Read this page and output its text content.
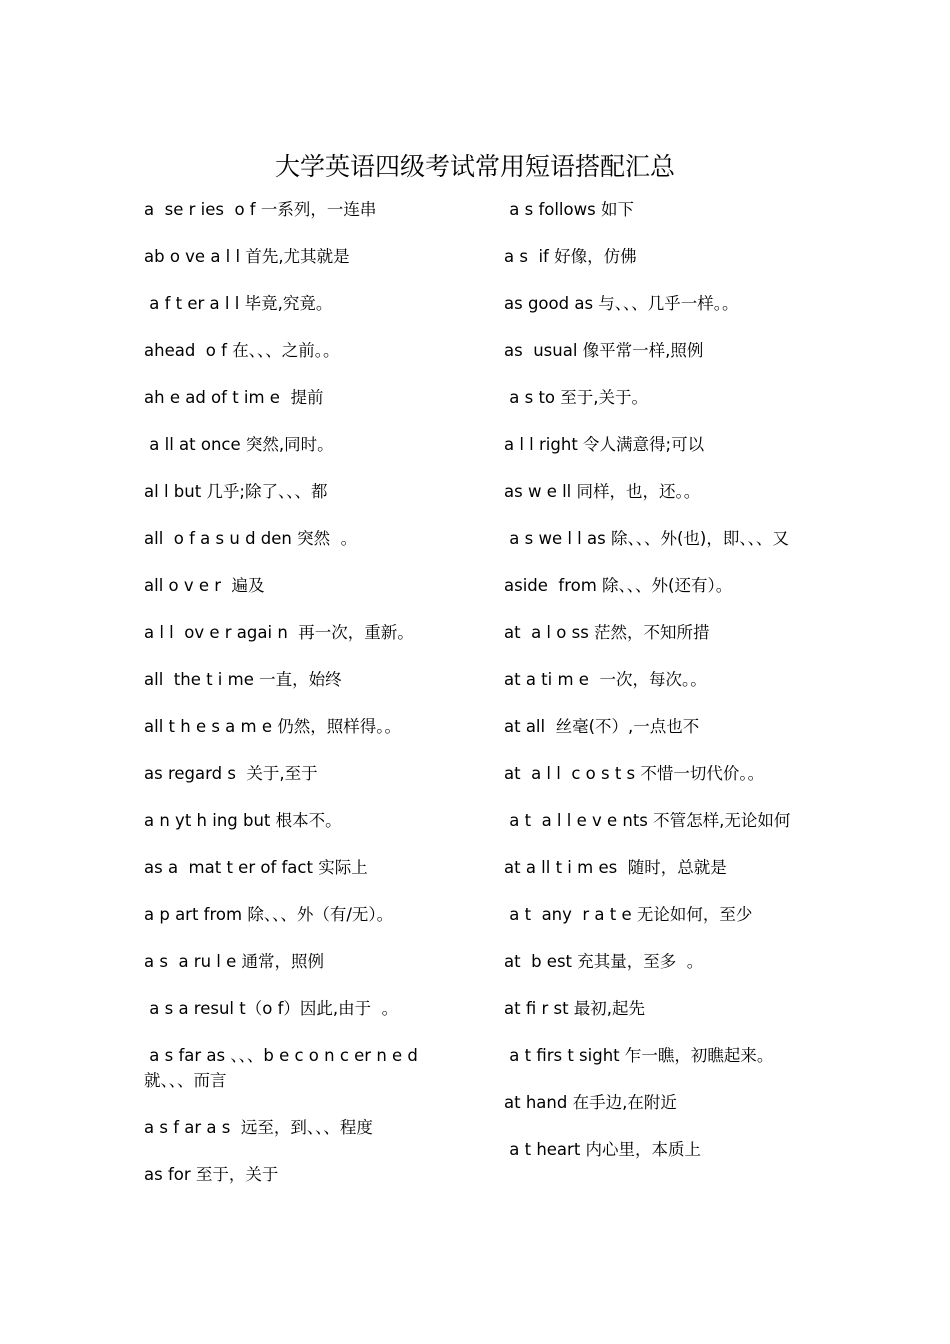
大学英语四级考试常用短语搭配汇总
a  se r ies  o f 一系列，一连串
ab o ve a l l 首先,尤其就是
a f t er a l l 毕竟,究竟。
ahead  o f 在、、、之前。。
ah e ad of t im e  提前
a ll at once 突然,同时。
al l but 几乎;除了、、、都
all  o f a s u d den 突然  。
all o v e r  遍及
a l l  ov e r agai n  再一次，重新。
all  the t i me 一直，始终
all t h e s a m e 仍然，照样得。。
as regard s  关于,至于
a n yt h ing but 根本不。
as a  mat t er of fact 实际上
a p art from 除、、、外（有/无）。
a s  a ru l e 通常，照例
a s a resul t（o f）因此,由于  。
a s far as 、、、b e c o n c er n e d  就、、、而言
a s f ar a s  远至，到、、、程度
as for 至于，关于
a s follows 如下
a s  if 好像，仿佛
as good as 与、、、几乎一样。。
as  usual 像平常一样,照例
a s to 至于,关于。
a l l right 令人满意得;可以
as w e ll 同样，也，还。。
a s we l l as 除、、、外(也)，即、、、又
aside  from 除、、、外(还有）。
at  a l o ss 茫然，不知所措
at a ti m e  一次，每次。。
at all  丝毫(不）,一点也不
at  a l l  c o s t s 不惜一切代价。。
a t  a l l e v e nts 不管怎样,无论如何
at a ll t i m es  随时，总就是
a t  any  r a t e 无论如何，至少
at  b est 充其量，至多  。
at fi r st 最初,起先
a t firs t sight 乍一瞧，初瞧起来。
at hand 在手边,在附近
a t heart 内心里，本质上
